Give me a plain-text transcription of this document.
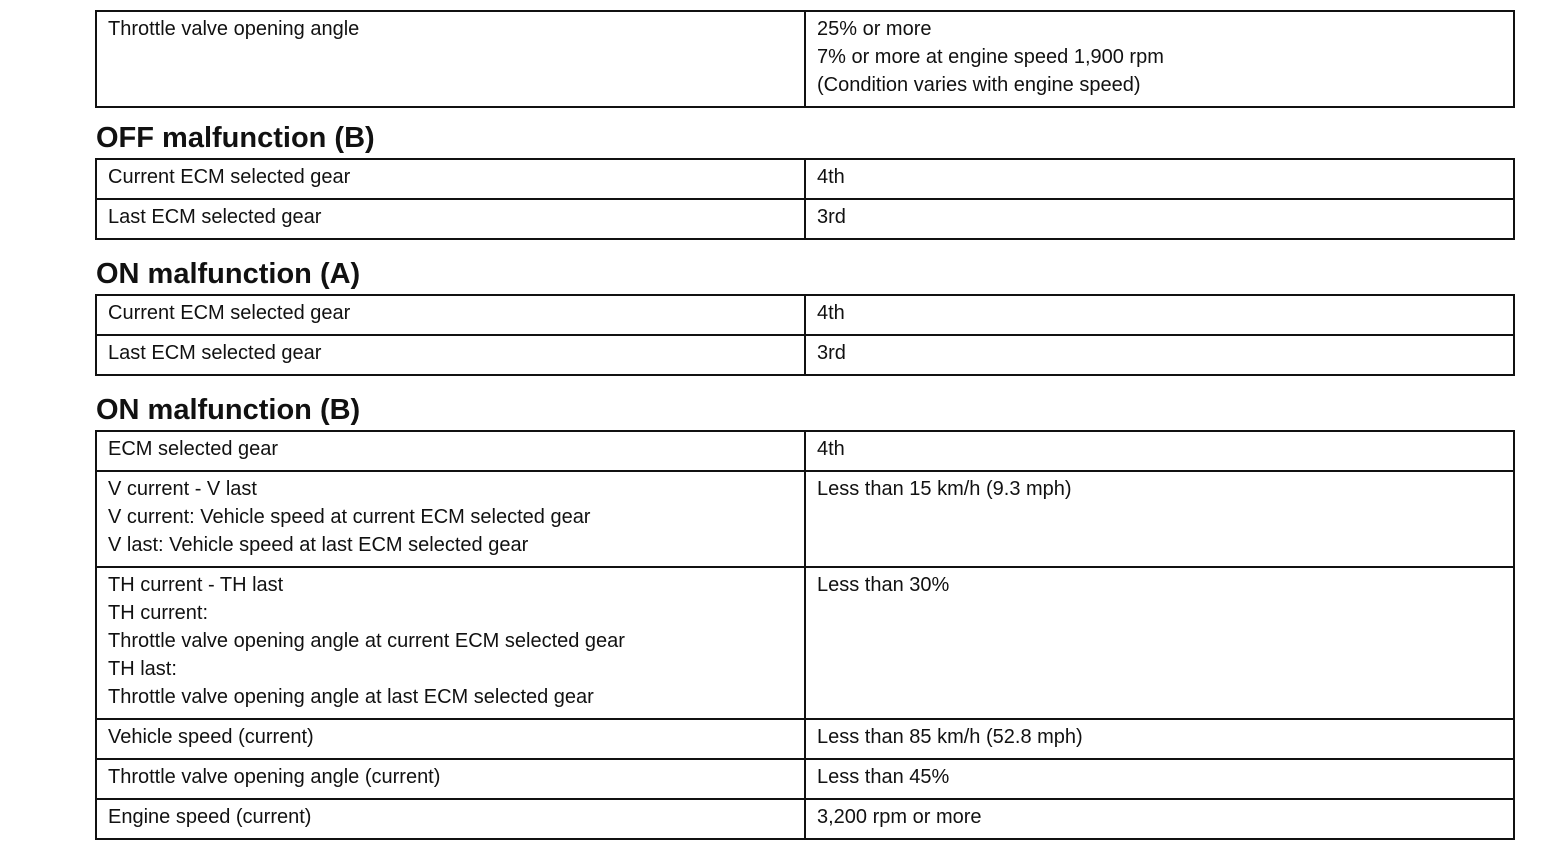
Throttle valve opening angle	25% or more
7% or more at engine speed 1,900 rpm
(Condition varies with engine speed)
OFF malfunction (B)
Current ECM selected gear	4th

Last ECM selected gear	3rd
ON malfunction (A)
Current ECM selected gear	4th

Last ECM selected gear	3rd
ON malfunction (B)
ECM selected gear	4th

V current - V last
V current: Vehicle speed at current ECM selected gear
V last: Vehicle speed at last ECM selected gear	Less than 15 km/h (9.3 mph)

TH current - TH last
TH current:
Throttle valve opening angle at current ECM selected gear
TH last:
Throttle valve opening angle at last ECM selected gear	Less than 30%

Vehicle speed (current)	Less than 85 km/h (52.8 mph)

Throttle valve opening angle (current)	Less than 45%

Engine speed (current)	3,200 rpm or more
